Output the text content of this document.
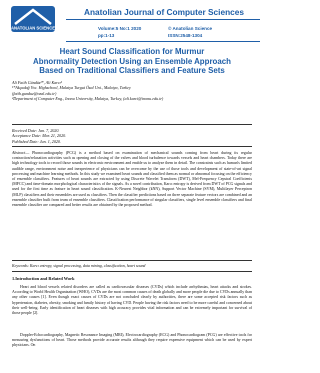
ANATOLIAN SCIENCE
Anatolian Journal of Computer Sciences
Volume:5 No:1 2020
pp:1-13
© Anatolian Science
ISSN:2548-1304
Heart Sound Classification for Murmur
Abnormality Detection Using an Ensemble Approach
Based on Traditional Classifiers and Feature Sets
Ali Fatih Gündüz¹*, Ali Karcı²
¹*Akçadağ Voc. Highschool, Malatya Turgut Özal Uni., Malatya, Turkey
(fatih.gunduz@ozal.edu.tr)
²Department of Computer Eng., Inonu University, Malatya, Turkey, (ali.karci@inonu.edu.tr)
Received Date: Jan. 7, 2020.
Acceptance Date: Mar. 21, 2020.
Published Date: Jun. 1, 2020.
Abstract— Phonocardiography (PCG) is a method based on examination of mechanical sounds coming from heart during its regular contraction/relaxation activities such as opening and closing of the valves and blood turbulence towards vessels and heart chambers. Today there are high technology tools to record those sounds in electronic environment and enable us to analyze them in detail. The constraints such as human's limited audible range, environment noise and inexperience of physicians can be overcome by the use of those tools and development of state-of-art signal processing and machine learning methods. In this study we examined heart sounds and classified them as normal or abnormal focusing on the efficiency of ensemble classifiers. Features of heart sounds are extracted by using Discrete Wavelet Transform (DWT), Mel-Frequency Cepstral Coefficients (MFCC) and time-domain morphological characteristics of the signals. As a novel contribution, Karcı entropy is derived from DWT of PCG signals and used for the first time as feature in heart sound classification. K-Nearest Neighbor (kNN), Support Vector Machine (SVM), Multilayer Perceptron (MLP) classifiers and their ensembles are used as classifiers. Then the classifier predictions based on three separate feature vectors are combined and an ensemble classifier built from team of ensemble classifiers. Classification performance of singular classifiers, single level ensemble classifiers and final ensemble classifier are compared and better results are obtained by the proposed method.
Keywords: Karcı entropy, signal processing, data mining, classification, heart sound
1.Introduction and Related Work
Heart and blood vessels related disorders are called as cardiovascular diseases (CVDs) which include arrhythmias, heart attacks and strokes. According to World Health Organization (WHO), CVDs are the most common causes of death globally and more people die due to CVDs annually than any other causes [1]. Even though exact causes of CVDs are not concluded clearly by authorities, there are some accepted risk factors such as hypertension, diabetes, obesity, smoking and family history of having CVD. People having the risk factors need to be more careful and concerned about their well-being. Early identification of heart diseases with high accuracy provides vital information and can be extremely important for survival of those people [2].
Doppler-Echocardiography, Magnetic Resonance Imaging (MRI), Electrocardiography (ECG) and Phonocardiogram (PCG) are effective tools for measuring dysfunctions of heart. Those methods provide accurate results although they require expensive equipment which can be used by expert physicians. On
